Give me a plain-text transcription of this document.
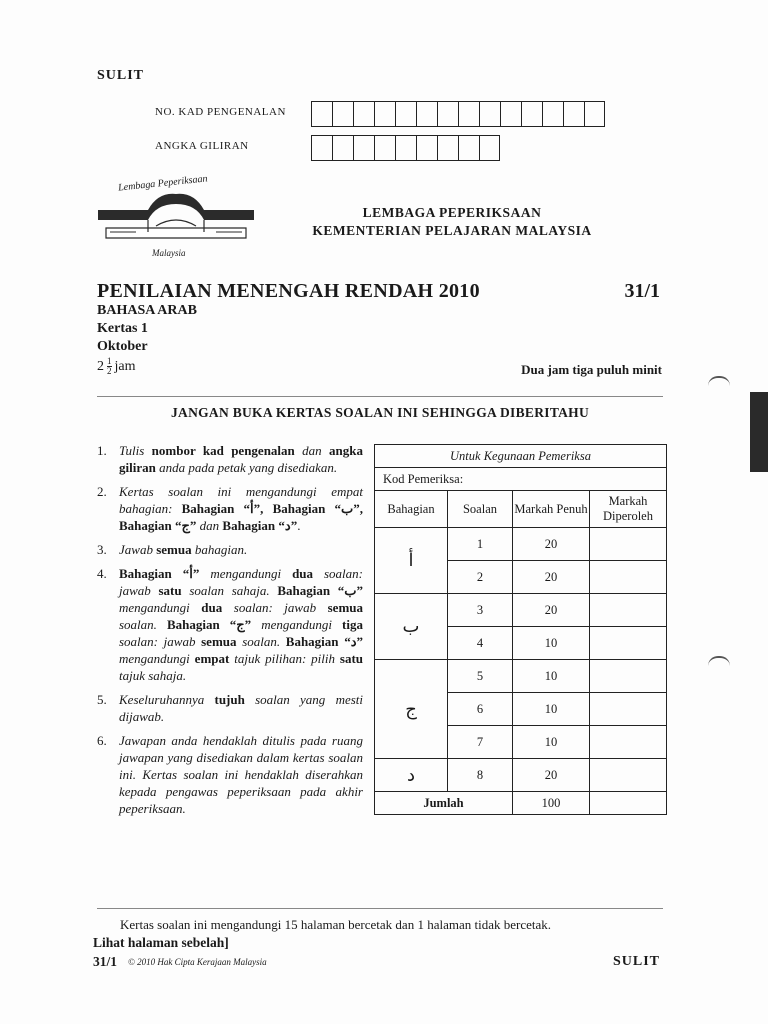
SULIT
NO. KAD PENGENALAN
ANGKA GILIRAN
Lembaga Peperiksaan
Malaysia
LEMBAGA PEPERIKSAAN
KEMENTERIAN PELAJARAN MALAYSIA
PENILAIAN MENENGAH RENDAH 2010	31/1
BAHASA ARAB
Kertas 1
Oktober
$2 \frac{1}{2}$ jam	Dua jam tiga puluh minit
JANGAN BUKA KERTAS SOALAN INI SEHINGGA DIBERITAHU
1. Tulis nombor kad pengenalan dan angka giliran anda pada petak yang disediakan.
2. Kertas soalan ini mengandungi empat bahagian: Bahagian “أ”, Bahagian “ب”, Bahagian “ج” dan Bahagian “د”.
3. Jawab semua bahagian.
4. Bahagian “أ” mengandungi dua soalan: jawab satu soalan sahaja. Bahagian “ب” mengandungi dua soalan: jawab semua soalan. Bahagian “ج” mengandungi tiga soalan: jawab semua soalan. Bahagian “د” mengandungi empat tajuk pilihan: pilih satu tajuk sahaja.
5. Keseluruhannya tujuh soalan yang mesti dijawab.
6. Jawapan anda hendaklah ditulis pada ruang jawapan yang disediakan dalam kertas soalan ini. Kertas soalan ini hendaklah diserahkan kepada pengawas peperiksaan pada akhir peperiksaan.
Untuk Kegunaan Pemeriksa			
Kod Pemeriksa:			
Bahagian	Soalan	Markah Penuh	Markah Diperoleh
أ	1	20	
	2	20	
ب	3	20	
	4	10	
ج	5	10	
	6	10	
	7	10	
د	8	20	
Jumlah		100	
Kertas soalan ini mengandungi 15 halaman bercetak dan 1 halaman tidak bercetak.
Lihat halaman sebelah]
31/1 © 2010 Hak Cipta Kerajaan Malaysia	SULIT
